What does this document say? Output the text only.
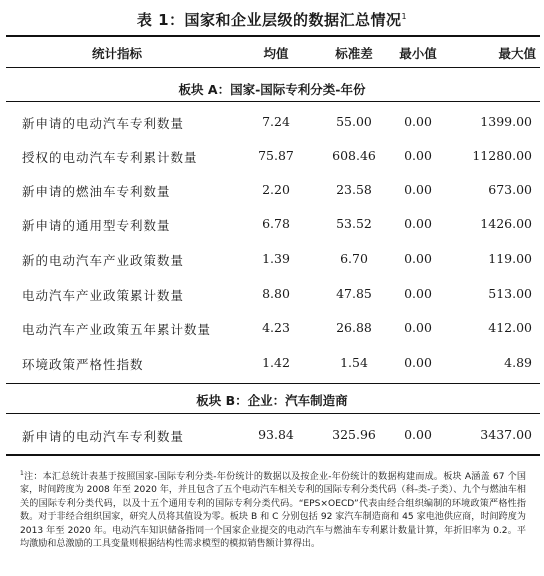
表 1：国家和企业层级的数据汇总情况$^1$
统计指标	均值	标准差	最小值	最大值
板块 A：国家-国际专利分类-年份
新申请的电动汽车专利数量	7.24	55.00	0.00	1399.00
授权的电动汽车专利累计数量	75.87	608.46	0.00	11280.00
新申请的燃油车专利数量	2.20	23.58	0.00	673.00
新申请的通用型专利数量	6.78	53.52	0.00	1426.00
新的电动汽车产业政策数量	1.39	6.70	0.00	119.00
电动汽车产业政策累计数量	8.80	47.85	0.00	513.00
电动汽车产业政策五年累计数量	4.23	26.88	0.00	412.00
环境政策严格性指数	1.42	1.54	0.00	4.89
板块 B：企业：汽车制造商
新申请的电动汽车专利数量	93.84	325.96	0.00	3437.00
$^1$注：本汇总统计表基于按照国家-国际专利分类-年份统计的数据以及按企业-年份统计的数据构建而成。板块 A涵盖 67 个国家，时间跨度为 2008 年至 2020 年，并且包含了五个电动汽车相关专利的国际专利分类代码（科-类-子类）、九个与燃油车相关的国际专利分类代码，以及十五个通用专利的国际专利分类代码。“EPS×OECD”代表由经合组织编制的环境政策严格性指数。对于非经合组织国家，研究人员将其值设为零。板块 B 和 C 分别包括 92 家汽车制造商和 45 家电池供应商，时间跨度为 2013 年至 2020 年。电动汽车知识储备指同一个国家企业提交的电动汽车与燃油车专利累计数量计算，年折旧率为 0.2。平均激励和总激励的工具变量则根据结构性需求模型的模拟销售额计算得出。
